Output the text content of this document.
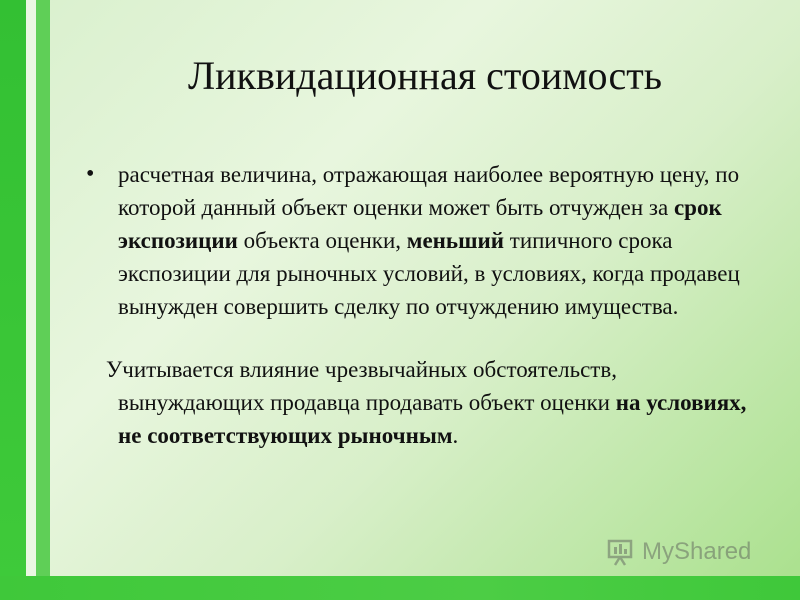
Ликвидационная стоимость
•	расчетная величина, отражающая наиболее вероятную цену, по которой данный объект оценки может быть отчужден за срок экспозиции объекта оценки, меньший типичного срока экспозиции для рыночных условий, в условиях, когда продавец вынужден совершить сделку по отчуждению имущества.

Учитывается влияние чрезвычайных обстоятельств, вынуждающих продавца продавать объект оценки на условиях, не соответствующих рыночным.

MyShared
